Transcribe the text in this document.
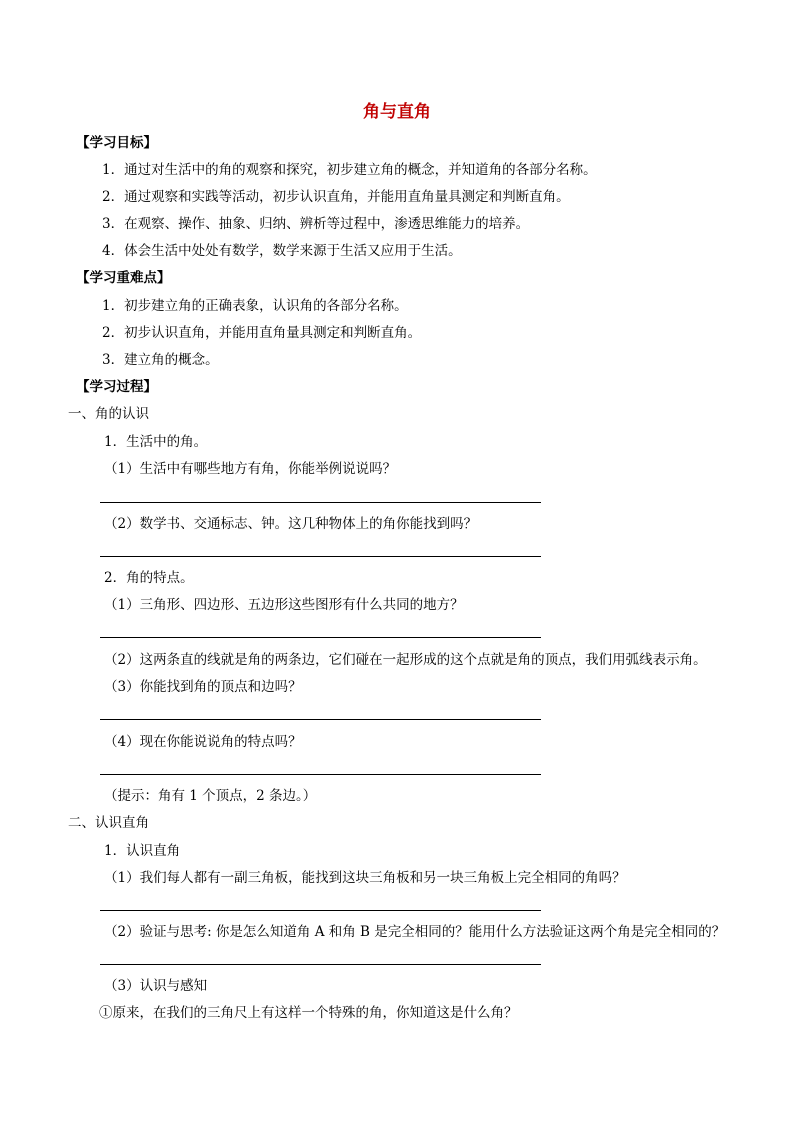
角与直角
【学习目标】
1．通过对生活中的角的观察和探究，初步建立角的概念，并知道角的各部分名称。
2．通过观察和实践等活动，初步认识直角，并能用直角量具测定和判断直角。
3．在观察、操作、抽象、归纳、辨析等过程中，渗透思维能力的培养。
4．体会生活中处处有数学，数学来源于生活又应用于生活。
【学习重难点】
1．初步建立角的正确表象，认识角的各部分名称。
2．初步认识直角，并能用直角量具测定和判断直角。
3．建立角的概念。
【学习过程】
一、角的认识
1．生活中的角。
（1）生活中有哪些地方有角，你能举例说说吗？
（2）数学书、交通标志、钟。这几种物体上的角你能找到吗？
2．角的特点。
（1）三角形、四边形、五边形这些图形有什么共同的地方？
（2）这两条直的线就是角的两条边，它们碰在一起形成的这个点就是角的顶点，我们用弧线表示角。
（3）你能找到角的顶点和边吗？
（4）现在你能说说角的特点吗？
（提示：角有 1 个顶点，2 条边。）
二、认识直角
1．认识直角
（1）我们每人都有一副三角板，能找到这块三角板和另一块三角板上完全相同的角吗？
（2）验证与思考: 你是怎么知道角 A 和角 B 是完全相同的？能用什么方法验证这两个角是完全相同的？
（3）认识与感知
①原来，在我们的三角尺上有这样一个特殊的角，你知道这是什么角？
